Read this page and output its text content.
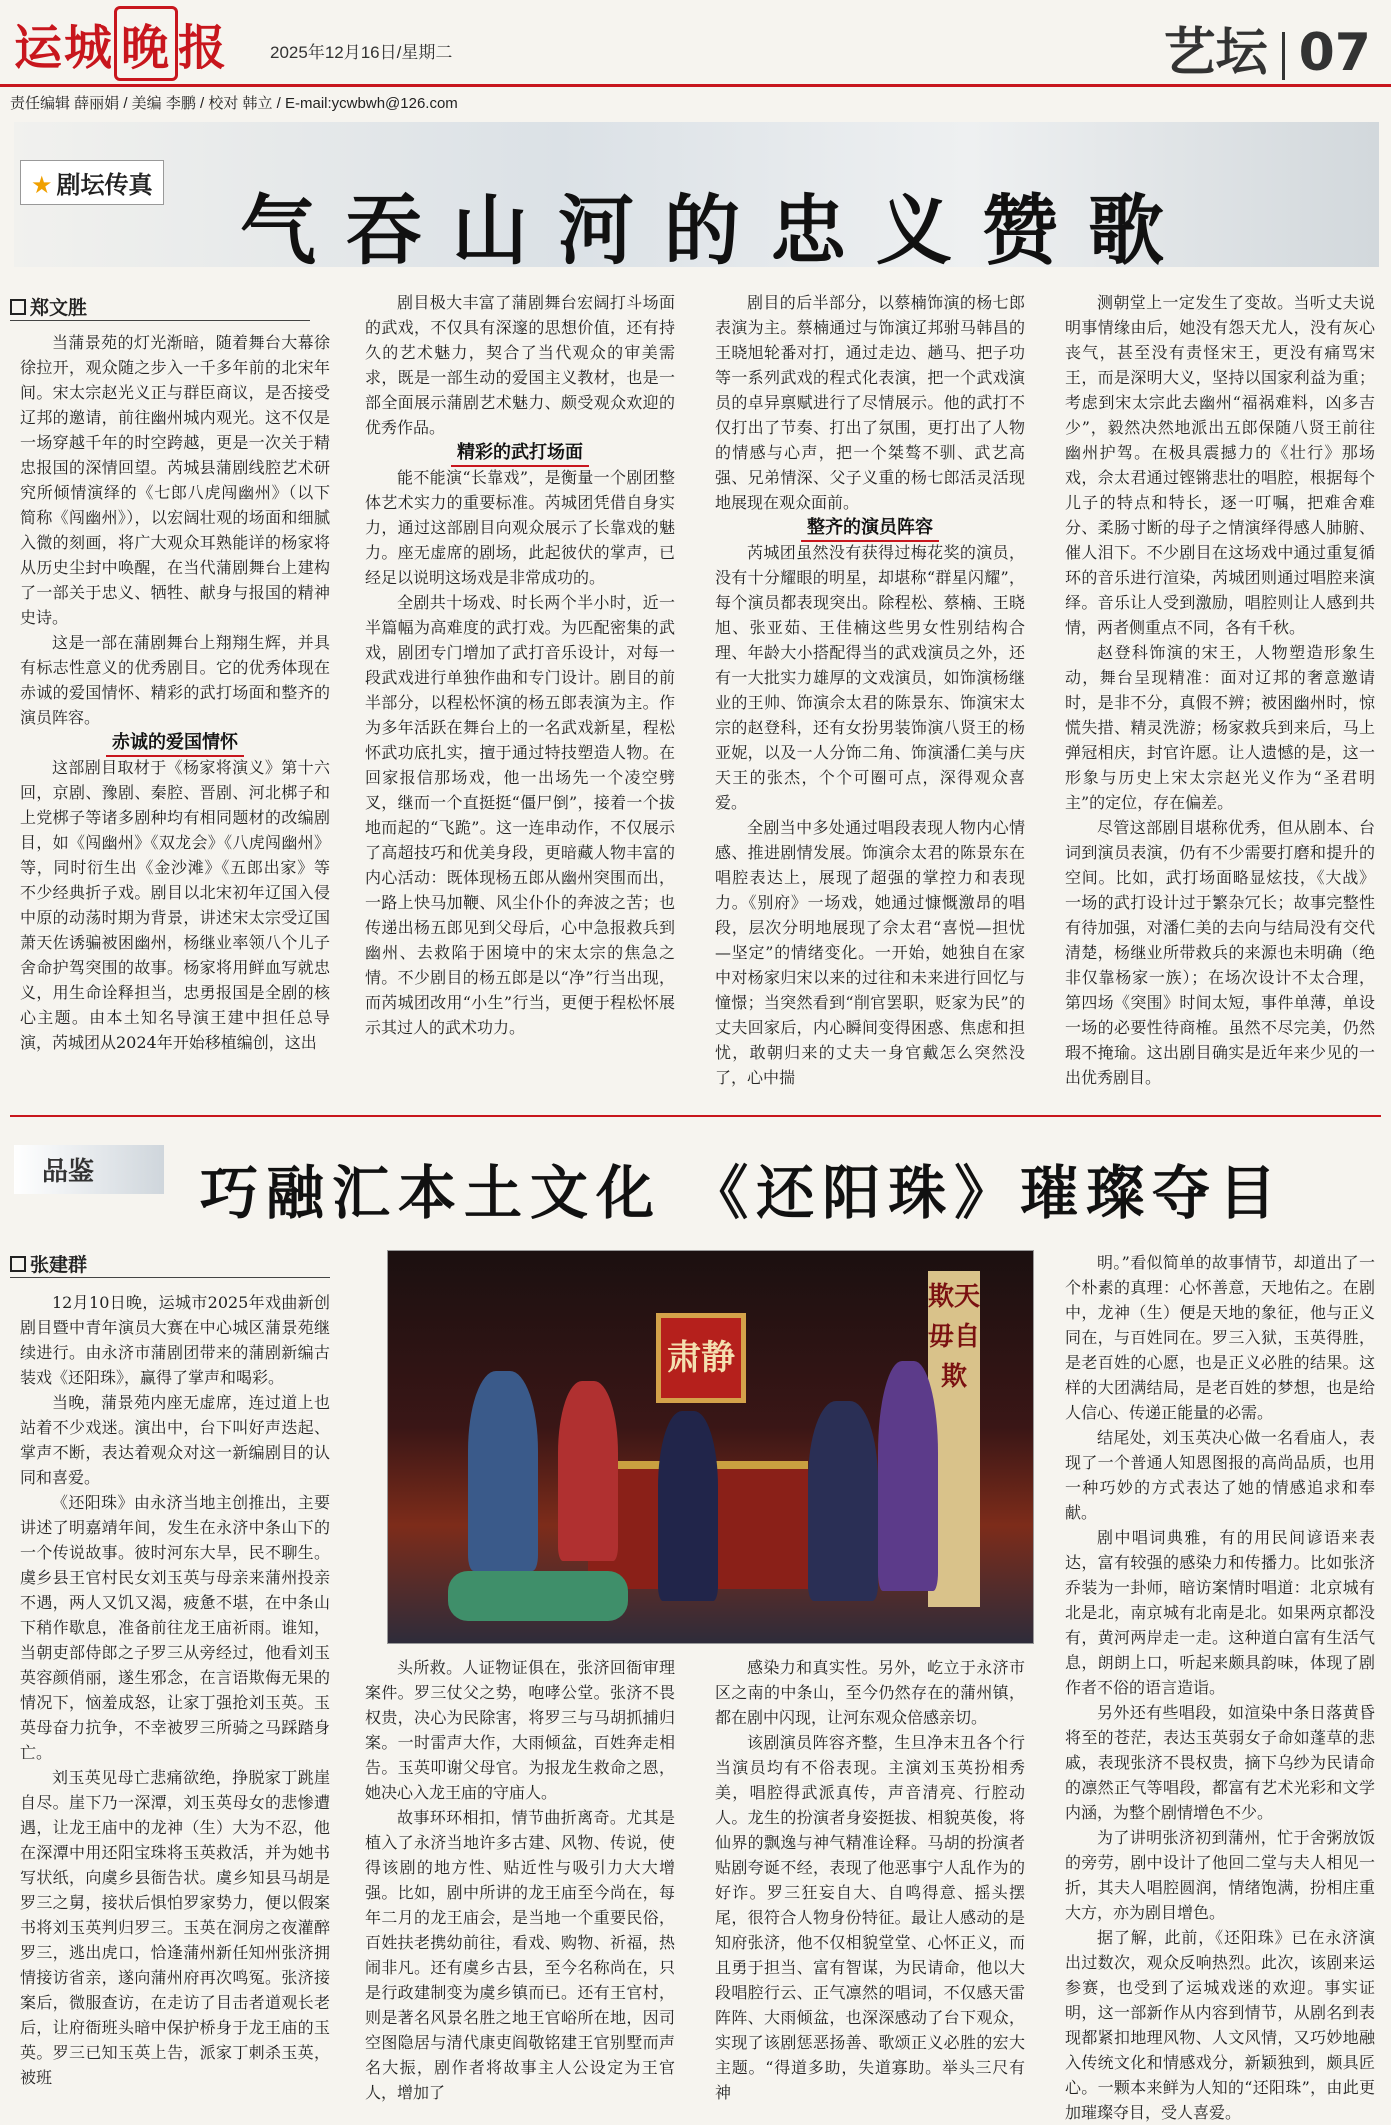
运城 晚 报 2025年12月16日/星期二	艺坛 07
责任编辑 薛丽娟 / 美编 李鹏 / 校对 韩立 / E-mail:ycwbwh@126.com
★ 剧坛传真
气吞山河的忠义赞歌
郑文胜

当蒲景苑的灯光渐暗，随着舞台大幕徐徐拉开，观众随之步入一千多年前的北宋年间。宋太宗赵光义正与群臣商议，是否接受辽邦的邀请，前往幽州城内观光。这不仅是一场穿越千年的时空跨越，更是一次关于精忠报国的深情回望。芮城县蒲剧线腔艺术研究所倾情演绎的《七郎八虎闯幽州》（以下简称《闯幽州》），以宏阔壮观的场面和细腻入微的刻画，将广大观众耳熟能详的杨家将从历史尘封中唤醒，在当代蒲剧舞台上建构了一部关于忠义、牺牲、献身与报国的精神史诗。

这是一部在蒲剧舞台上翔翔生辉，并具有标志性意义的优秀剧目。它的优秀体现在赤诚的爱国情怀、精彩的武打场面和整齐的演员阵容。

赤诚的爱国情怀

这部剧目取材于《杨家将演义》第十六回，京剧、豫剧、秦腔、晋剧、河北梆子和上党梆子等诸多剧种均有相同题材的改编剧目，如《闯幽州》《双龙会》《八虎闯幽州》等，同时衍生出《金沙滩》《五郎出家》等不少经典折子戏。剧目以北宋初年辽国入侵中原的动荡时期为背景，讲述宋太宗受辽国萧天佐诱骗被困幽州，杨继业率领八个儿子舍命护驾突围的故事。杨家将用鲜血写就忠义，用生命诠释担当，忠勇报国是全剧的核心主题。由本土知名导演王建中担任总导演，芮城团从2024年开始移植编创，这出

剧目极大丰富了蒲剧舞台宏阔打斗场面的武戏，不仅具有深邃的思想价值，还有持久的艺术魅力，契合了当代观众的审美需求，既是一部生动的爱国主义教材，也是一部全面展示蒲剧艺术魅力、颇受观众欢迎的优秀作品。

精彩的武打场面

能不能演“长靠戏”，是衡量一个剧团整体艺术实力的重要标准。芮城团凭借自身实力，通过这部剧目向观众展示了长靠戏的魅力。座无虚席的剧场，此起彼伏的掌声，已经足以说明这场戏是非常成功的。

全剧共十场戏、时长两个半小时，近一半篇幅为高难度的武打戏。为匹配密集的武戏，剧团专门增加了武打音乐设计，对每一段武戏进行单独作曲和专门设计。剧目的前半部分，以程松怀演的杨五郎表演为主。作为多年活跃在舞台上的一名武戏新星，程松怀武功底扎实，擅于通过特技塑造人物。在回家报信那场戏，他一出场先一个凌空劈叉，继而一个直挺挺“僵尸倒”，接着一个拔地而起的“飞跪”。这一连串动作，不仅展示了高超技巧和优美身段，更暗藏人物丰富的内心活动：既体现杨五郎从幽州突围而出，一路上快马加鞭、风尘仆仆的奔波之苦；也传递出杨五郎见到父母后，心中急报救兵到幽州、去救陷于困境中的宋太宗的焦急之情。不少剧目的杨五郎是以“净”行当出现，而芮城团改用“小生”行当，更便于程松怀展示其过人的武术功力。

剧目的后半部分，以蔡楠饰演的杨七郎表演为主。蔡楠通过与饰演辽邦驸马韩昌的王晓旭轮番对打，通过走边、趟马、把子功等一系列武戏的程式化表演，把一个武戏演员的卓异禀赋进行了尽情展示。他的武打不仅打出了节奏、打出了氛围，更打出了人物的情感与心声，把一个桀骜不驯、武艺高强、兄弟情深、父子义重的杨七郎活灵活现地展现在观众面前。

整齐的演员阵容

芮城团虽然没有获得过梅花奖的演员，没有十分耀眼的明星，却堪称“群星闪耀”，每个演员都表现突出。除程松、蔡楠、王晓旭、张亚茹、王佳楠这些男女性别结构合理、年龄大小搭配得当的武戏演员之外，还有一大批实力雄厚的文戏演员，如饰演杨继业的王帅、饰演佘太君的陈景东、饰演宋太宗的赵登科，还有女扮男装饰演八贤王的杨亚妮，以及一人分饰二角、饰演潘仁美与庆天王的张杰，个个可圈可点，深得观众喜爱。

全剧当中多处通过唱段表现人物内心情感、推进剧情发展。饰演佘太君的陈景东在唱腔表达上，展现了超强的掌控力和表现力。《别府》一场戏，她通过慷慨激昂的唱段，层次分明地展现了佘太君“喜悦—担忧—坚定”的情绪变化。一开始，她独自在家中对杨家归宋以来的过往和未来进行回忆与憧憬；当突然看到“削官罢职，贬家为民”的丈夫回家后，内心瞬间变得困惑、焦虑和担忧，敢朝归来的丈夫一身官戴怎么突然没了，心中揣

测朝堂上一定发生了变故。当听丈夫说明事情缘由后，她没有怨天尤人，没有灰心丧气，甚至没有责怪宋王，更没有痛骂宋王，而是深明大义，坚持以国家利益为重；考虑到宋太宗此去幽州“福祸难料，凶多吉少”，毅然决然地派出五郎保随八贤王前往幽州护驾。在极具震撼力的《壮行》那场戏，佘太君通过铿锵悲壮的唱腔，根据每个儿子的特点和特长，逐一叮嘱，把难舍难分、柔肠寸断的母子之情演绎得感人肺腑、催人泪下。不少剧目在这场戏中通过重复循环的音乐进行渲染，芮城团则通过唱腔来演绎。音乐让人受到激励，唱腔则让人感到共情，两者侧重点不同，各有千秋。

赵登科饰演的宋王，人物塑造形象生动，舞台呈现精准：面对辽邦的奢意邀请时，是非不分，真假不辨；被困幽州时，惊慌失措、精灵洗游；杨家救兵到来后，马上弹冠相庆，封官许愿。让人遗憾的是，这一形象与历史上宋太宗赵光义作为“圣君明主”的定位，存在偏差。

尽管这部剧目堪称优秀，但从剧本、台词到演员表演，仍有不少需要打磨和提升的空间。比如，武打场面略显炫技，《大战》一场的武打设计过于繁杂冗长；故事完整性有待加强，对潘仁美的去向与结局没有交代清楚，杨继业所带救兵的来源也未明确（绝非仅靠杨家一族）；在场次设计不太合理，第四场《突围》时间太短，事件单薄，单设一场的必要性待商榷。虽然不尽完美，仍然瑕不掩瑜。这出剧目确实是近年来少见的一出优秀剧目。

品鉴	巧融汇本土文化 《还阳珠》璀璨夺目
张建群
肃静
欺天毋自欺

12月10日晚，运城市2025年戏曲新创剧目暨中青年演员大赛在中心城区蒲景苑继续进行。由永济市蒲剧团带来的蒲剧新编古装戏《还阳珠》，赢得了掌声和喝彩。

当晚，蒲景苑内座无虚席，连过道上也站着不少戏迷。演出中，台下叫好声迭起、掌声不断，表达着观众对这一新编剧目的认同和喜爱。

《还阳珠》由永济当地主创推出，主要讲述了明嘉靖年间，发生在永济中条山下的一个传说故事。彼时河东大旱，民不聊生。虞乡县王官村民女刘玉英与母亲来蒲州投亲不遇，两人又饥又渴，疲惫不堪，在中条山下稍作歇息，准备前往龙王庙祈雨。谁知，当朝吏部侍郎之子罗三从旁经过，他看刘玉英容颜俏丽，遂生邪念，在言语欺侮无果的情况下，恼羞成怒，让家丁强抢刘玉英。玉英母奋力抗争，不幸被罗三所骑之马踩踏身亡。

刘玉英见母亡悲痛欲绝，挣脱家丁跳崖自尽。崖下乃一深潭，刘玉英母女的悲惨遭遇，让龙王庙中的龙神（生）大为不忍，他在深潭中用还阳宝珠将玉英救活，并为她书写状纸，向虞乡县衙告状。虞乡知县马胡是罗三之舅，接状后惧怕罗家势力，便以假案书将刘玉英判归罗三。玉英在洞房之夜灌醉罗三，逃出虎口，恰逢蒲州新任知州张济拥情接访省亲，遂向蒲州府再次鸣冤。张济接案后，微服查访，在走访了目击者道观长老后，让府衙班头暗中保护桥身于龙王庙的玉英。罗三已知玉英上告，派家丁刺杀玉英，被班

头所救。人证物证俱在，张济回衙审理案件。罗三仗父之势，咆哮公堂。张济不畏权贵，决心为民除害，将罗三与马胡抓捕归案。一时雷声大作，大雨倾盆，百姓奔走相告。玉英叩谢父母官。为报龙生救命之恩，她决心入龙王庙的守庙人。

故事环环相扣，情节曲折离奇。尤其是植入了永济当地许多古建、风物、传说，使得该剧的地方性、贴近性与吸引力大大增强。比如，剧中所讲的龙王庙至今尚在，每年二月的龙王庙会，是当地一个重要民俗，百姓扶老携幼前往，看戏、购物、祈福，热闹非凡。还有虞乡古县，至今名称尚在，只是行政建制变为虞乡镇而已。还有王官村，则是著名风景名胜之地王官峪所在地，因司空图隐居与清代康吏阎敬铭建王官别墅而声名大振，剧作者将故事主人公设定为王官人，增加了

感染力和真实性。另外，屹立于永济市区之南的中条山，至今仍然存在的蒲州镇，都在剧中闪现，让河东观众倍感亲切。

该剧演员阵容齐整，生旦净末丑各个行当演员均有不俗表现。主演刘玉英扮相秀美，唱腔得武派真传，声音清亮、行腔动人。龙生的扮演者身姿挺拔、相貌英俊，将仙界的飘逸与神气精准诠释。马胡的扮演者贴剧夸诞不经，表现了他恶事宁人乱作为的好诈。罗三狂妄自大、自鸣得意、摇头摆尾，很符合人物身份特征。最让人感动的是知府张济，他不仅相貌堂堂、心怀正义，而且勇于担当、富有智谋，为民请命，他以大段唱腔行云、正气凛然的唱词，不仅感天雷阵阵、大雨倾盆，也深深感动了台下观众，实现了该剧惩恶扬善、歌颂正义必胜的宏大主题。“得道多助，失道寡助。举头三尺有神

明。”看似简单的故事情节，却道出了一个朴素的真理：心怀善意，天地佑之。在剧中，龙神（生）便是天地的象征，他与正义同在，与百姓同在。罗三入狱，玉英得胜，是老百姓的心愿，也是正义必胜的结果。这样的大团满结局，是老百姓的梦想，也是给人信心、传递正能量的必需。

结尾处，刘玉英决心做一名看庙人，表现了一个普通人知恩图报的高尚品质，也用一种巧妙的方式表达了她的情感追求和奉献。

剧中唱词典雅，有的用民间谚语来表达，富有较强的感染力和传播力。比如张济乔装为一卦师，暗访案情时唱道：北京城有北是北，南京城有北南是北。如果两京都没有，黄河两岸走一走。这种道白富有生活气息，朗朗上口，听起来颇具韵味，体现了剧作者不俗的语言造诣。

另外还有些唱段，如渲染中条日落黄昏将至的苍茫，表达玉英弱女子命如蓬草的悲戚，表现张济不畏权贵，摘下乌纱为民请命的凛然正气等唱段，都富有艺术光彩和文学内涵，为整个剧情增色不少。

为了讲明张济初到蒲州，忙于舍粥放饭的旁劳，剧中设计了他回二堂与夫人相见一折，其夫人唱腔圆润，情绪饱满，扮相庄重大方，亦为剧目增色。

据了解，此前，《还阳珠》已在永济演出过数次，观众反响热烈。此次，该剧来运参赛，也受到了运城戏迷的欢迎。事实证明，这一部新作从内容到情节，从剧名到表现都紧扣地理风物、人文风情，又巧妙地融入传统文化和情感戏分，新颖独到，颇具匠心。一颗本来鲜为人知的“还阳珠”，由此更加璀璨夺目，受人喜爱。
